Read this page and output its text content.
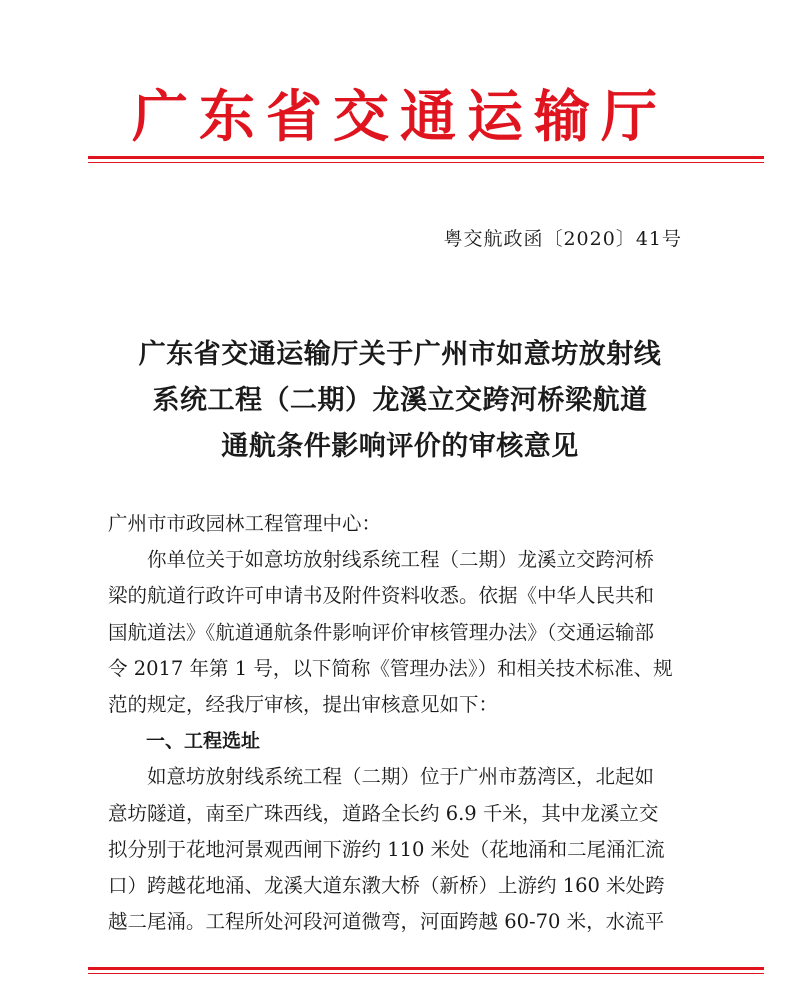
广东省交通运输厅
粤交航政函〔2020〕41号
广东省交通运输厅关于广州市如意坊放射线
系统工程（二期）龙溪立交跨河桥梁航道
通航条件影响评价的审核意见

广州市市政园林工程管理中心：

你单位关于如意坊放射线系统工程（二期）龙溪立交跨河桥

梁的航道行政许可申请书及附件资料收悉。依据《中华人民共和

国航道法》《航道通航条件影响评价审核管理办法》（交通运输部

令 2017 年第 1 号，以下简称《管理办法》）和相关技术标准、规

范的规定，经我厅审核，提出审核意见如下：

一、工程选址

如意坊放射线系统工程（二期）位于广州市荔湾区，北起如

意坊隧道，南至广珠西线，道路全长约 6.9 千米，其中龙溪立交

拟分别于花地河景观西闸下游约 110 米处（花地涌和二尾涌汇流

口）跨越花地涌、龙溪大道东漖大桥（新桥）上游约 160 米处跨

越二尾涌。工程所处河段河道微弯，河面跨越 60-70 米，水流平
